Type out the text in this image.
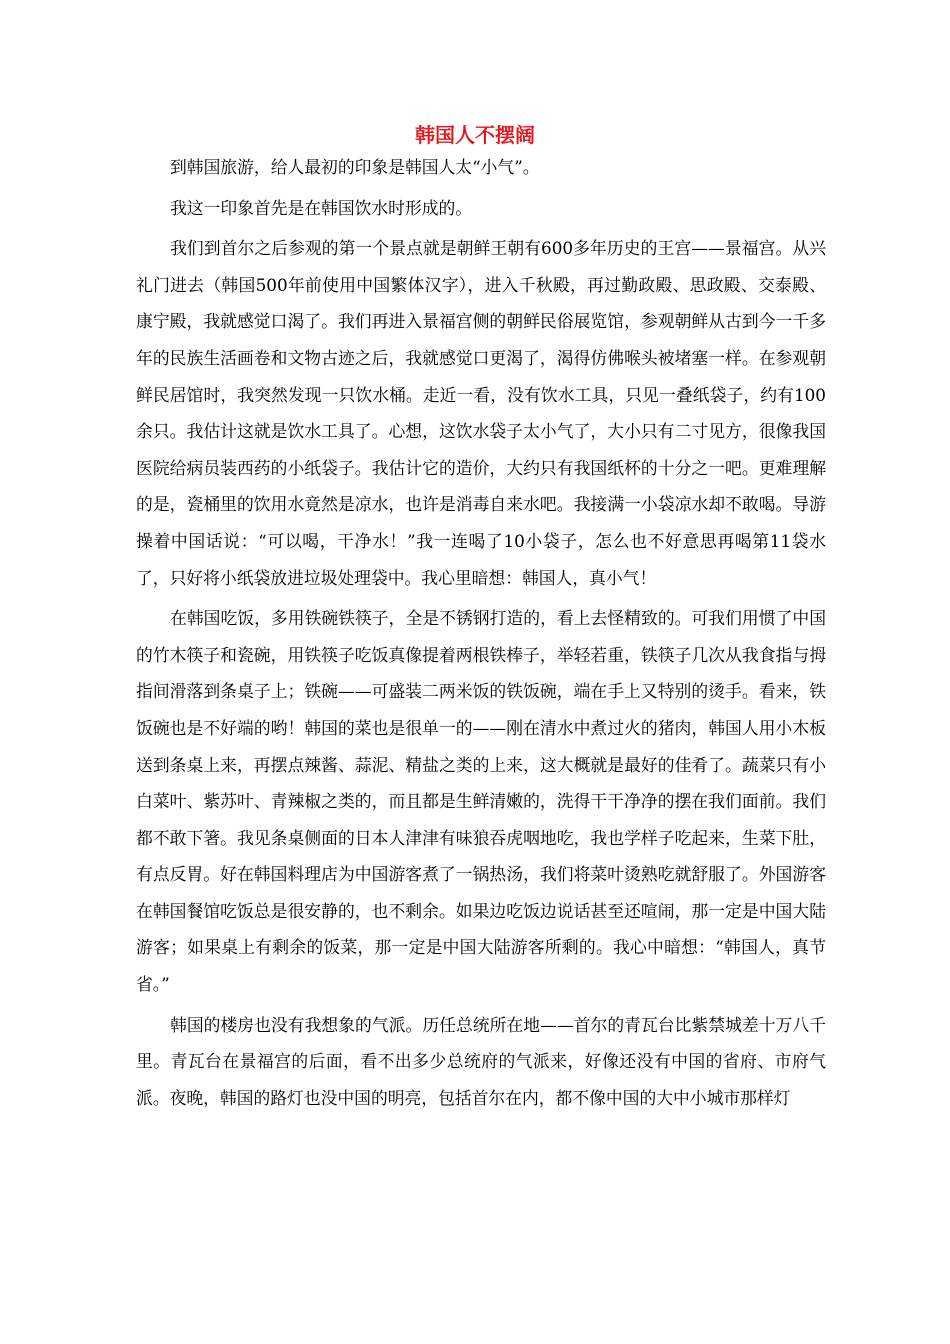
韩国人不摆阔

到韩国旅游，给人最初的印象是韩国人太“小气”。

我这一印象首先是在韩国饮水时形成的。

我们到首尔之后参观的第一个景点就是朝鲜王朝有600多年历史的王宫——景福宫。从兴礼门进去（韩国500年前使用中国繁体汉字），进入千秋殿，再过勤政殿、思政殿、交泰殿、康宁殿，我就感觉口渴了。我们再进入景福宫侧的朝鲜民俗展览馆，参观朝鲜从古到今一千多年的民族生活画卷和文物古迹之后，我就感觉口更渴了，渴得仿佛喉头被堵塞一样。在参观朝鲜民居馆时，我突然发现一只饮水桶。走近一看，没有饮水工具，只见一叠纸袋子，约有100余只。我估计这就是饮水工具了。心想，这饮水袋子太小气了，大小只有二寸见方，很像我国医院给病员装西药的小纸袋子。我估计它的造价，大约只有我国纸杯的十分之一吧。更难理解的是，瓷桶里的饮用水竟然是凉水，也许是消毒自来水吧。我接满一小袋凉水却不敢喝。导游操着中国话说：“可以喝，干净水！”我一连喝了10小袋子，怎么也不好意思再喝第11袋水了，只好将小纸袋放进垃圾处理袋中。我心里暗想：韩国人，真小气！

在韩国吃饭，多用铁碗铁筷子，全是不锈钢打造的，看上去怪精致的。可我们用惯了中国的竹木筷子和瓷碗，用铁筷子吃饭真像提着两根铁棒子，举轻若重，铁筷子几次从我食指与拇指间滑落到条桌子上；铁碗——可盛装二两米饭的铁饭碗，端在手上又特别的烫手。看来，铁饭碗也是不好端的哟！韩国的菜也是很单一的——刚在清水中煮过火的猪肉，韩国人用小木板送到条桌上来，再摆点辣酱、蒜泥、精盐之类的上来，这大概就是最好的佳肴了。蔬菜只有小白菜叶、紫苏叶、青辣椒之类的，而且都是生鲜清嫩的，洗得干干净净的摆在我们面前。我们都不敢下箸。我见条桌侧面的日本人津津有味狼吞虎咽地吃，我也学样子吃起来，生菜下肚，有点反胃。好在韩国料理店为中国游客煮了一锅热汤，我们将菜叶烫熟吃就舒服了。外国游客在韩国餐馆吃饭总是很安静的，也不剩余。如果边吃饭边说话甚至还喧闹，那一定是中国大陆游客；如果桌上有剩余的饭菜，那一定是中国大陆游客所剩的。我心中暗想：“韩国人，真节省。”

韩国的楼房也没有我想象的气派。历任总统所在地——首尔的青瓦台比紫禁城差十万八千里。青瓦台在景福宫的后面，看不出多少总统府的气派来，好像还没有中国的省府、市府气派。夜晚，韩国的路灯也没中国的明亮，包括首尔在内，都不像中国的大中小城市那样灯
